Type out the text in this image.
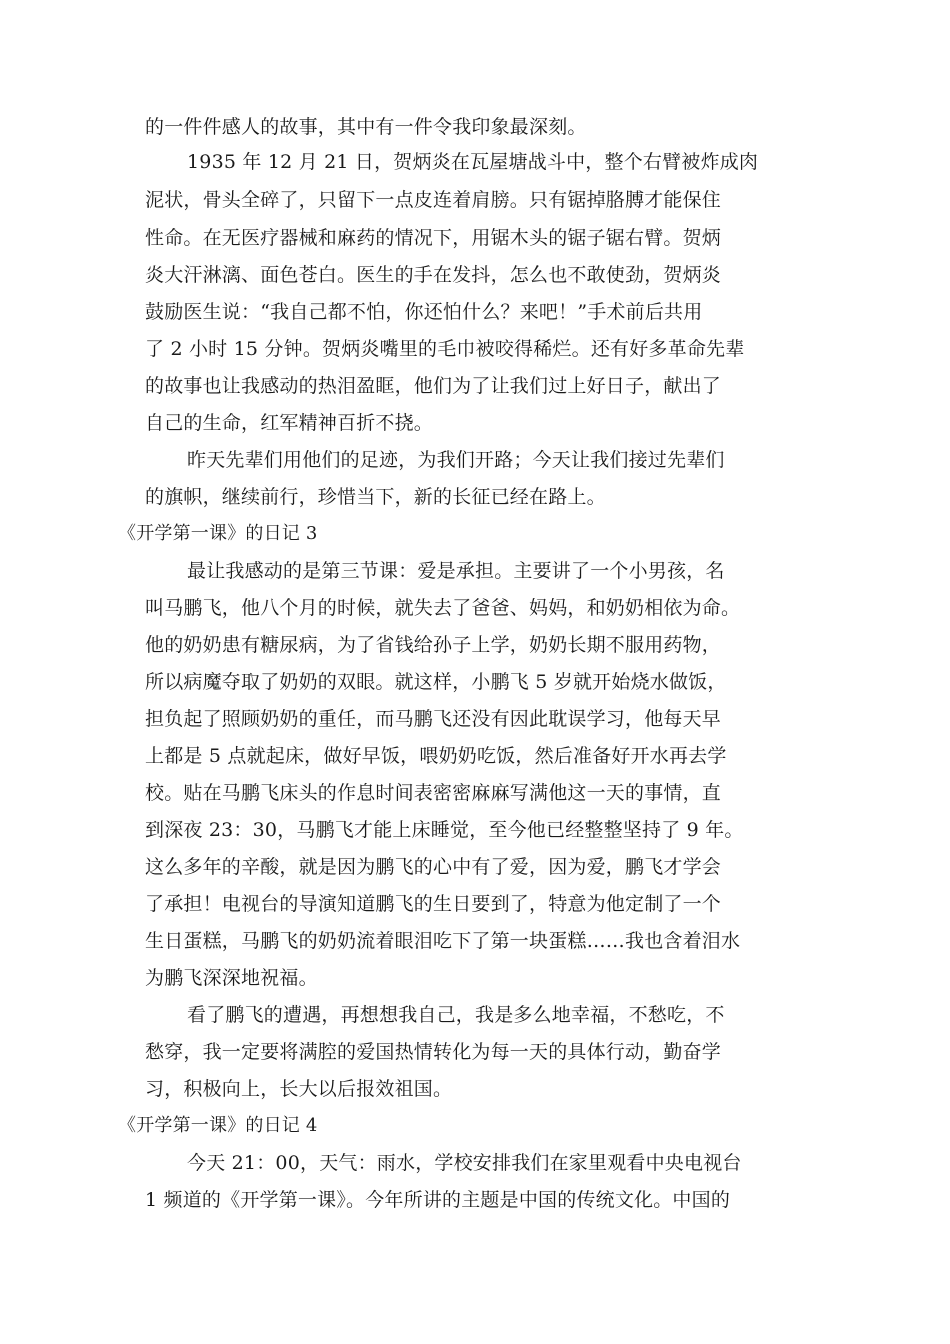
的一件件感人的故事，其中有一件令我印象最深刻。
1935 年 12 月 21 日，贺炳炎在瓦屋塘战斗中，整个右臂被炸成肉
泥状，骨头全碎了，只留下一点皮连着肩膀。只有锯掉胳膊才能保住
性命。在无医疗器械和麻药的情况下，用锯木头的锯子锯右臂。贺炳
炎大汗淋漓、面色苍白。医生的手在发抖，怎么也不敢使劲，贺炳炎
鼓励医生说：“我自己都不怕，你还怕什么？来吧！”手术前后共用
了 2 小时 15 分钟。贺炳炎嘴里的毛巾被咬得稀烂。还有好多革命先辈
的故事也让我感动的热泪盈眶，他们为了让我们过上好日子，献出了
自己的生命，红军精神百折不挠。
昨天先辈们用他们的足迹，为我们开路；今天让我们接过先辈们
的旗帜，继续前行，珍惜当下，新的长征已经在路上。
《开学第一课》的日记 3
最让我感动的是第三节课：爱是承担。主要讲了一个小男孩，名
叫马鹏飞，他八个月的时候，就失去了爸爸、妈妈，和奶奶相依为命。
他的奶奶患有糖尿病，为了省钱给孙子上学，奶奶长期不服用药物，
所以病魔夺取了奶奶的双眼。就这样，小鹏飞 5 岁就开始烧水做饭，
担负起了照顾奶奶的重任，而马鹏飞还没有因此耽误学习，他每天早
上都是 5 点就起床，做好早饭，喂奶奶吃饭，然后准备好开水再去学
校。贴在马鹏飞床头的作息时间表密密麻麻写满他这一天的事情，直
到深夜 23：30，马鹏飞才能上床睡觉，至今他已经整整坚持了 9 年。
这么多年的辛酸，就是因为鹏飞的心中有了爱，因为爱，鹏飞才学会
了承担！电视台的导演知道鹏飞的生日要到了，特意为他定制了一个
生日蛋糕，马鹏飞的奶奶流着眼泪吃下了第一块蛋糕……我也含着泪水
为鹏飞深深地祝福。
看了鹏飞的遭遇，再想想我自己，我是多么地幸福，不愁吃，不
愁穿，我一定要将满腔的爱国热情转化为每一天的具体行动，勤奋学
习，积极向上，长大以后报效祖国。
《开学第一课》的日记 4
今天 21：00，天气：雨水，学校安排我们在家里观看中央电视台
1 频道的《开学第一课》。今年所讲的主题是中国的传统文化。中国的
